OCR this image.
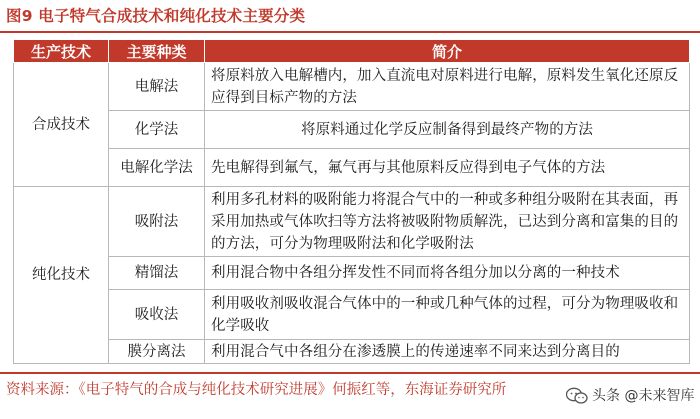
图9 电子特气合成技术和纯化技术主要分类
生产技术	主要种类	简介
合成技术	电解法	将原料放入电解槽内，加入直流电对原料进行电解，原料发生氧化还原反应得到目标产物的方法
	化学法	将原料通过化学反应制备得到最终产物的方法
	电解化学法	先电解得到氟气，氟气再与其他原料反应得到电子气体的方法
纯化技术	吸附法	利用多孔材料的吸附能力将混合气中的一种或多种组分吸附在其表面，再采用加热或气体吹扫等方法将被吸附物质解洗，已达到分离和富集的目的的方法，可分为物理吸附法和化学吸附法
	精馏法	利用混合物中各组分挥发性不同而将各组分加以分离的一种技术
	吸收法	利用吸收剂吸收混合气体中的一种或几种气体的过程，可分为物理吸收和化学吸收
	膜分离法	利用混合气中各组分在渗透膜上的传递速率不同来达到分离目的
资料来源：《电子特气的合成与纯化技术研究进展》何振红等，东海证券研究所	头条 @未来智库
